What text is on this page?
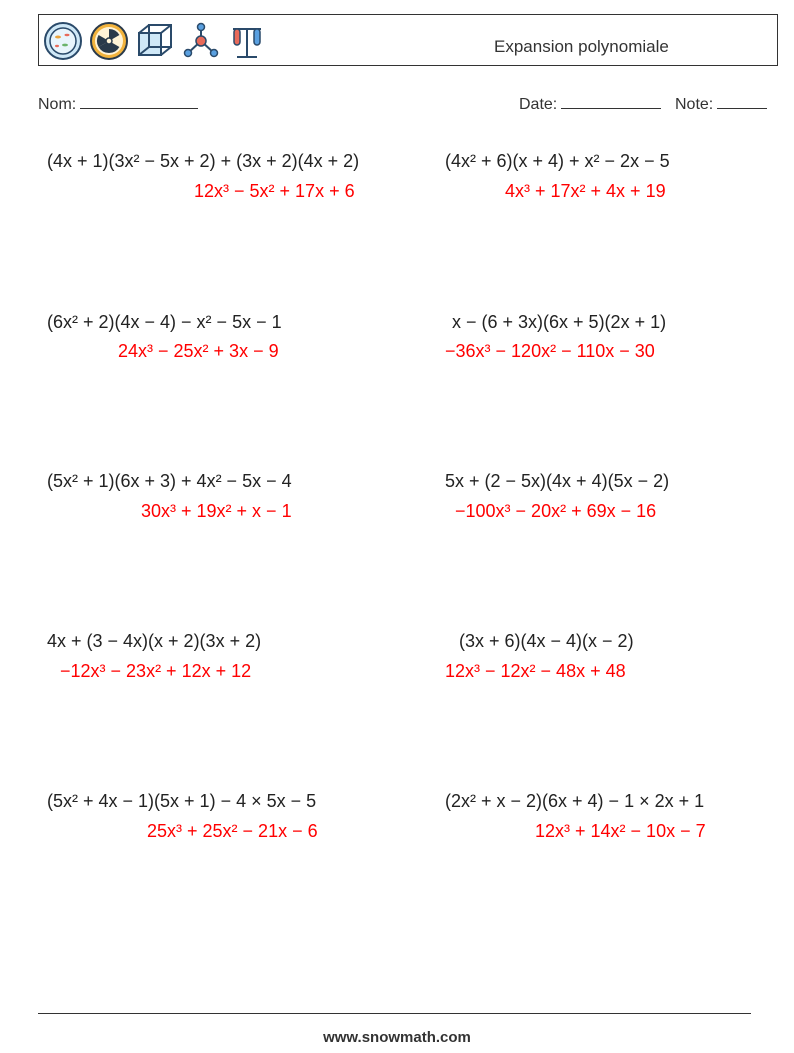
Expansion polynomiale
Nom:	Date:	Note:
(4x + 1)(3x² − 5x + 2) + (3x + 2)(4x + 2)
12x³ − 5x² + 17x + 6
(4x² + 6)(x + 4) + x² − 2x − 5
4x³ + 17x² + 4x + 19
(6x² + 2)(4x − 4) − x² − 5x − 1
24x³ − 25x² + 3x − 9
x − (6 + 3x)(6x + 5)(2x + 1)
−36x³ − 120x² − 110x − 30
(5x² + 1)(6x + 3) + 4x² − 5x − 4
30x³ + 19x² + x − 1
5x + (2 − 5x)(4x + 4)(5x − 2)
−100x³ − 20x² + 69x − 16
4x + (3 − 4x)(x + 2)(3x + 2)
−12x³ − 23x² + 12x + 12
(3x + 6)(4x − 4)(x − 2)
12x³ − 12x² − 48x + 48
(5x² + 4x − 1)(5x + 1) − 4 × 5x − 5
25x³ + 25x² − 21x − 6
(2x² + x − 2)(6x + 4) − 1 × 2x + 1
12x³ + 14x² − 10x − 7
www.snowmath.com
